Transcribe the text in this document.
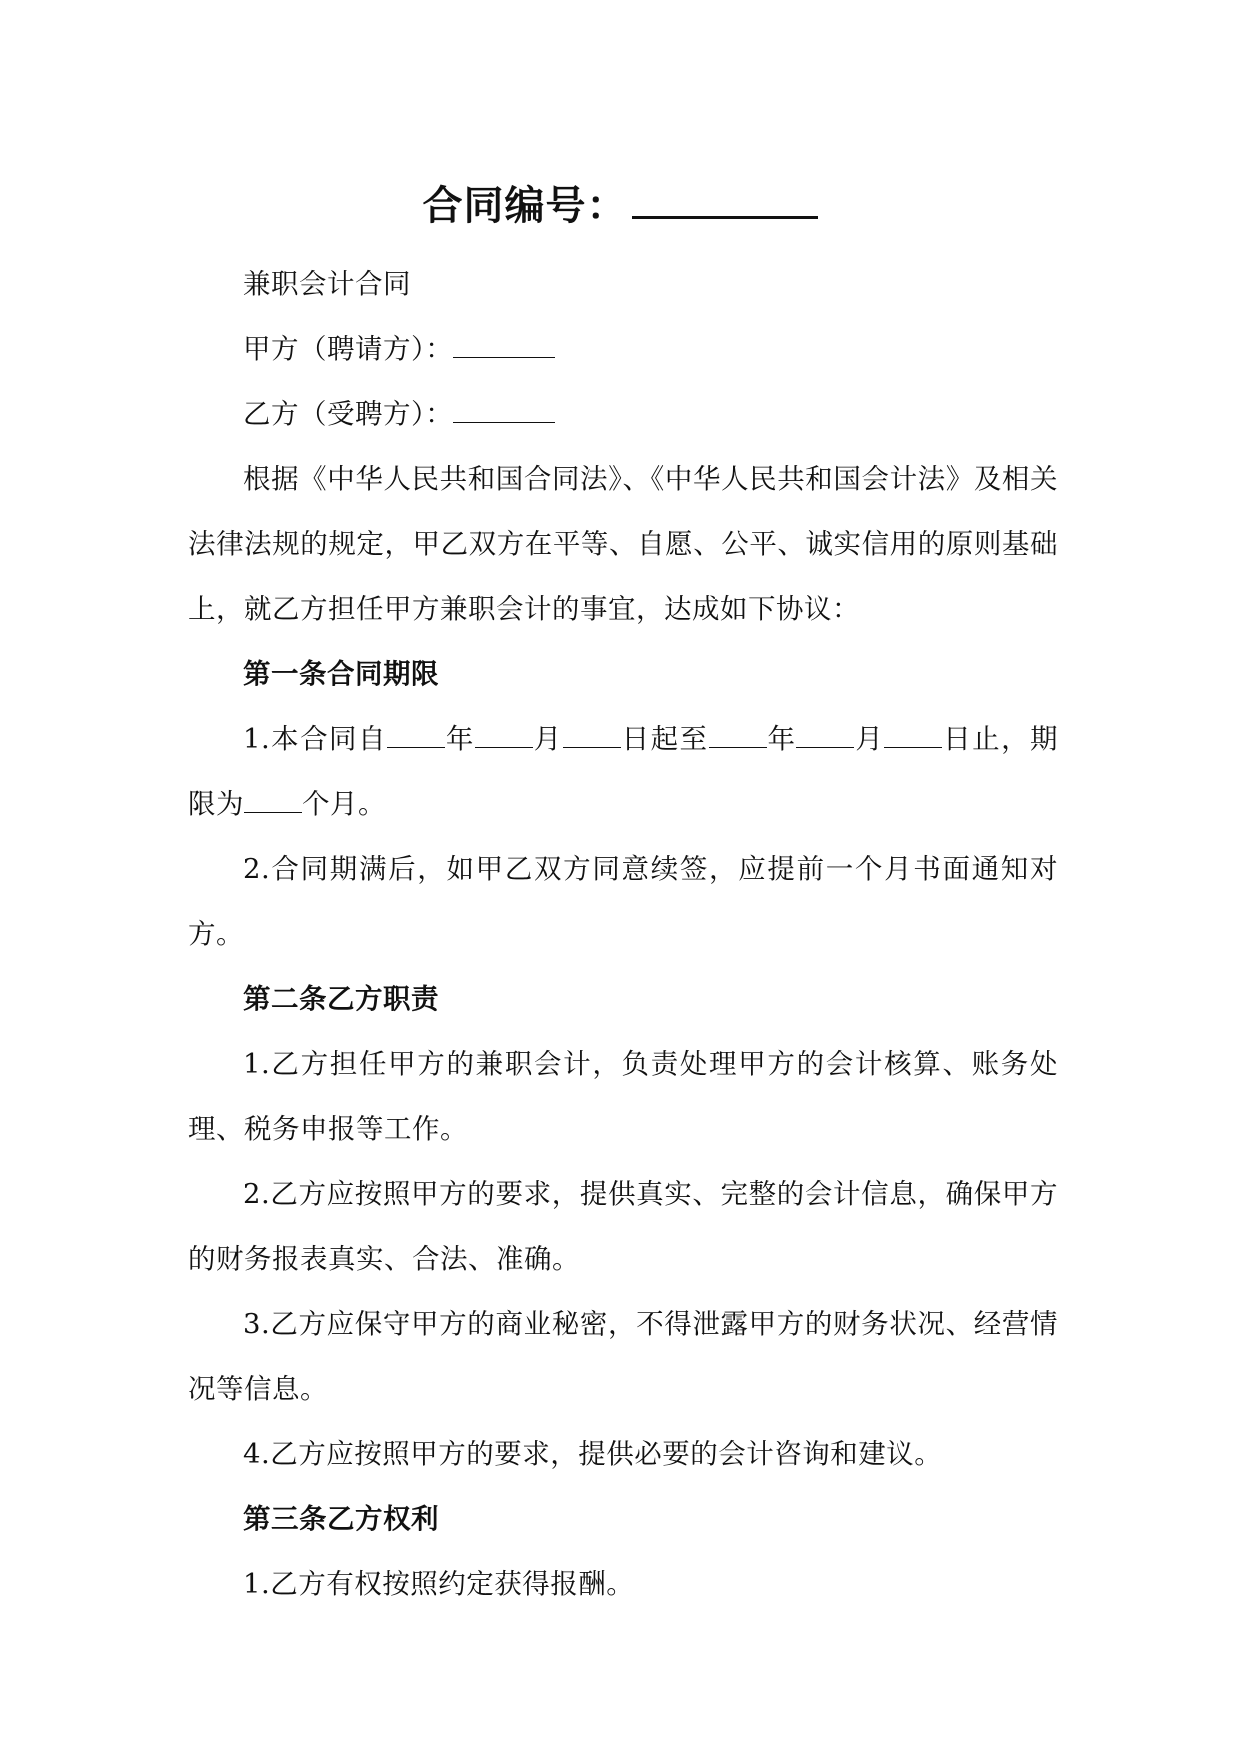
合同编号：

兼职会计合同

甲方（聘请方）：

乙方（受聘方）：

根据《中华人民共和国合同法》、《中华人民共和国会计法》及相关法律法规的规定，甲乙双方在平等、自愿、公平、诚实信用的原则基础上，就乙方担任甲方兼职会计的事宜，达成如下协议：

第一条合同期限

1.本合同自 年 月 日起至 年 月 日止，期限为 个月。

2.合同期满后，如甲乙双方同意续签，应提前一个月书面通知对方。

第二条乙方职责

1.乙方担任甲方的兼职会计，负责处理甲方的会计核算、账务处理、税务申报等工作。

2.乙方应按照甲方的要求，提供真实、完整的会计信息，确保甲方的财务报表真实、合法、准确。

3.乙方应保守甲方的商业秘密，不得泄露甲方的财务状况、经营情况等信息。

4.乙方应按照甲方的要求，提供必要的会计咨询和建议。

第三条乙方权利

1.乙方有权按照约定获得报酬。
